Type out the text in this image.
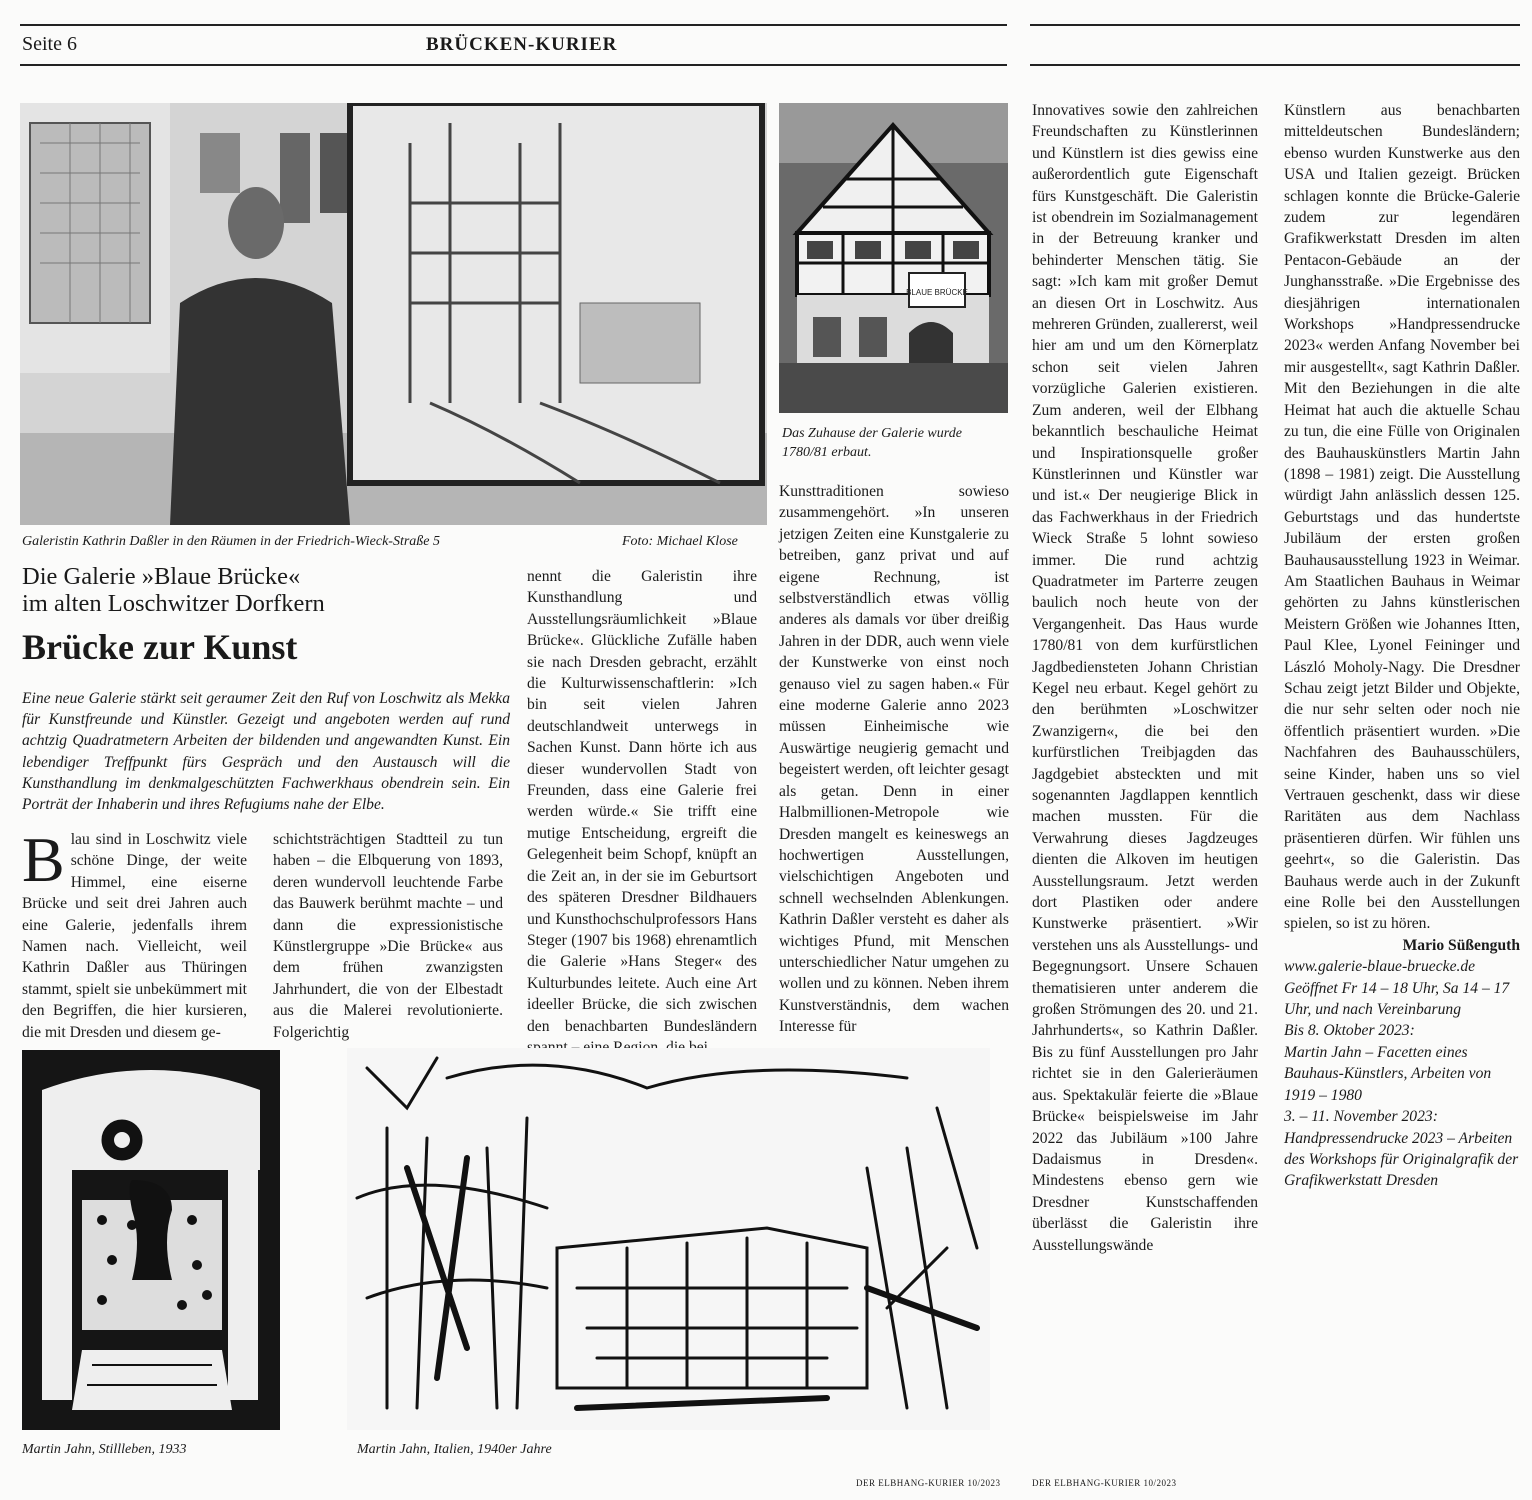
Seite 6	BRÜCKEN-KURIER
Galeristin Kathrin Daßler in den Räumen in der Friedrich-Wieck-Straße 5	Foto: Michael Klose
BLAUE BRÜCKE
Das Zuhause der Galerie wurde 1780/81 erbaut.
Die Galerie »Blaue Brücke«
im alten Loschwitzer Dorfkern
Brücke zur Kunst
Eine neue Galerie stärkt seit geraumer Zeit den Ruf von Loschwitz als Mekka für Kunstfreunde und Künstler. Gezeigt und angeboten werden auf rund achtzig Quadratmetern Arbeiten der bildenden und angewandten Kunst. Ein lebendiger Treffpunkt fürs Gespräch und den Austausch will die Kunsthandlung im denkmalgeschützten Fachwerkhaus obendrein sein. Ein Porträt der Inhaberin und ihres Refugiums nahe der Elbe.
Blau sind in Loschwitz viele schöne Dinge, der weite Himmel, eine eiserne Brücke und seit drei Jahren auch eine Galerie, jedenfalls ihrem Namen nach. Vielleicht, weil Kathrin Daßler aus Thüringen stammt, spielt sie unbekümmert mit den Begriffen, die hier kursieren, die mit Dresden und diesem ge-
schichtsträchtigen Stadtteil zu tun haben – die Elbquerung von 1893, deren wundervoll leuchtende Farbe das Bauwerk berühmt machte – und dann die expressionistische Künstlergruppe »Die Brücke« aus dem frühen zwanzigsten Jahrhundert, die von der Elbestadt aus die Malerei revolutionierte. Folgerichtig
nennt die Galeristin ihre Kunsthandlung und Ausstellungsräumlichkeit »Blaue Brücke«. Glückliche Zufälle haben sie nach Dresden gebracht, erzählt die Kulturwissenschaftlerin: »Ich bin seit vielen Jahren deutschlandweit unterwegs in Sachen Kunst. Dann hörte ich aus dieser wundervollen Stadt von Freunden, dass eine Galerie frei werden würde.« Sie trifft eine mutige Entscheidung, ergreift die Gelegenheit beim Schopf, knüpft an die Zeit an, in der sie im Geburtsort des späteren Dresdner Bildhauers und Kunsthochschulprofessors Hans Steger (1907 bis 1968) ehrenamtlich die Galerie »Hans Steger« des Kulturbundes leitete. Auch eine Art ideeller Brücke, die sich zwischen den benachbarten Bundesländern
Kunsttraditionen sowieso zusammengehört. »In unseren jetzigen Zeiten eine Kunstgalerie zu betreiben, ganz privat und auf eigene Rechnung, ist selbstverständlich etwas völlig anderes als damals vor über dreißig Jahren in der DDR, auch wenn viele der Kunstwerke von einst noch genauso viel zu sagen haben.« Für eine moderne Galerie anno 2023 müssen Einheimische wie Auswärtige neugierig gemacht und begeistert werden, oft leichter gesagt als getan. Denn in einer Halbmillionen-Metropole wie Dresden mangelt es keineswegs an hochwertigen Ausstellungen, vielschichtigen Angeboten und schnell wechselnden Ablenkungen. Kathrin Daßler versteht es daher als wichtiges Pfund, mit Menschen unterschiedlicher Natur umgehen zu wollen und zu können. Neben ihrem Kunstverständnis, dem wachen Interesse für
Innovatives sowie den zahlreichen Freundschaften zu Künstlerinnen und Künstlern ist dies gewiss eine außerordentlich gute Eigenschaft fürs Kunstgeschäft. Die Galeristin ist obendrein im Sozialmanagement in der Betreuung kranker und behinderter Menschen tätig. Sie sagt: »Ich kam mit großer Demut an diesen Ort in Loschwitz. Aus mehreren Gründen, zuallererst, weil hier am und um den Körnerplatz schon seit vielen Jahren vorzügliche Galerien existieren. Zum anderen, weil der Elbhang bekanntlich beschauliche Heimat und Inspirationsquelle großer Künstlerinnen und Künstler war und ist.« Der neugierige Blick in das Fachwerkhaus in der Friedrich Wieck Straße 5 lohnt sowieso immer. Die rund achtzig Quadratmeter im Parterre zeugen baulich noch heute von der Vergangenheit. Das Haus wurde 1780/81 von dem kurfürstlichen Jagdbediensteten Johann Christian Kegel neu erbaut. Kegel gehört zu den berühmten »Loschwitzer Zwanzigern«, die bei den kurfürstlichen Treibjagden das Jagdgebiet absteckten und mit sogenannten Jagdlappen kenntlich machen mussten. Für die Verwahrung dieses Jagdzeuges dienten die Alkoven im heutigen Ausstellungsraum. Jetzt werden dort Plastiken oder andere Kunstwerke präsentiert. »Wir verstehen uns als Ausstellungs- und Begegnungsort. Unsere Schauen thematisieren unter anderem die großen Strömungen des 20. und 21. Jahrhunderts«, so Kathrin Daßler. Bis zu fünf Ausstellungen pro Jahr richtet sie in den Galerieräumen aus. Spektakulär feierte die »Blaue Brücke« beispielsweise im Jahr 2022 das Jubiläum »100 Jahre Dadaismus in Dresden«. Mindestens ebenso gern wie Dresdner Kunstschaffenden überlässt die Galeristin ihre Ausstellungswände

Künstlern aus benachbarten mitteldeutschen Bundesländern; ebenso wurden Kunstwerke aus den USA und Italien gezeigt. Brücken schlagen konnte die Brücke-Galerie zudem zur legendären Grafikwerkstatt Dresden im alten Pentacon-Gebäude an der Junghansstraße. »Die Ergebnisse des diesjährigen internationalen Workshops »Handpressendrucke 2023« werden Anfang November bei mir ausgestellt«, sagt Kathrin Daßler. Mit den Beziehungen in die alte Heimat hat auch die aktuelle Schau zu tun, die eine Fülle von Originalen des Bauhauskünstlers Martin Jahn (1898 – 1981) zeigt. Die Ausstellung würdigt Jahn anlässlich dessen 125. Geburtstags und das hundertste Jubiläum der ersten großen Bauhausausstellung 1923 in Weimar. Am Staatlichen Bauhaus in Weimar gehörten zu Jahns künstlerischen Meistern Größen wie Johannes Itten, Paul Klee, Lyonel Feininger und László Moholy-Nagy. Die Dresdner Schau zeigt jetzt Bilder und Objekte, die nur sehr selten oder noch nie öffentlich präsentiert wurden. »Die Nachfahren des Bauhausschülers, seine Kinder, haben uns so viel Vertrauen geschenkt, dass wir diese Raritäten aus dem Nachlass präsentieren dürfen. Wir fühlen uns geehrt«, so die Galeristin. Das Bauhaus werde auch in der Zukunft eine Rolle bei den Ausstellungen spielen, so ist zu hören.

Mario Süßenguth

www.galerie-blaue-bruecke.de

Geöffnet Fr 14 – 18 Uhr, Sa 14 – 17 Uhr, und nach Vereinbarung

Bis 8. Oktober 2023:

Martin Jahn – Facetten eines Bauhaus-Künstlers, Arbeiten von 1919 – 1980

3. – 11. November 2023:

Handpressendrucke 2023 – Arbeiten des Workshops für Originalgrafik der Grafikwerkstatt Dresden

Martin Jahn, Stillleben, 1933	Martin Jahn, Italien, 1940er Jahre
DER ELBHANG-KURIER 10/2023	DER ELBHANG-KURIER 10/2023
